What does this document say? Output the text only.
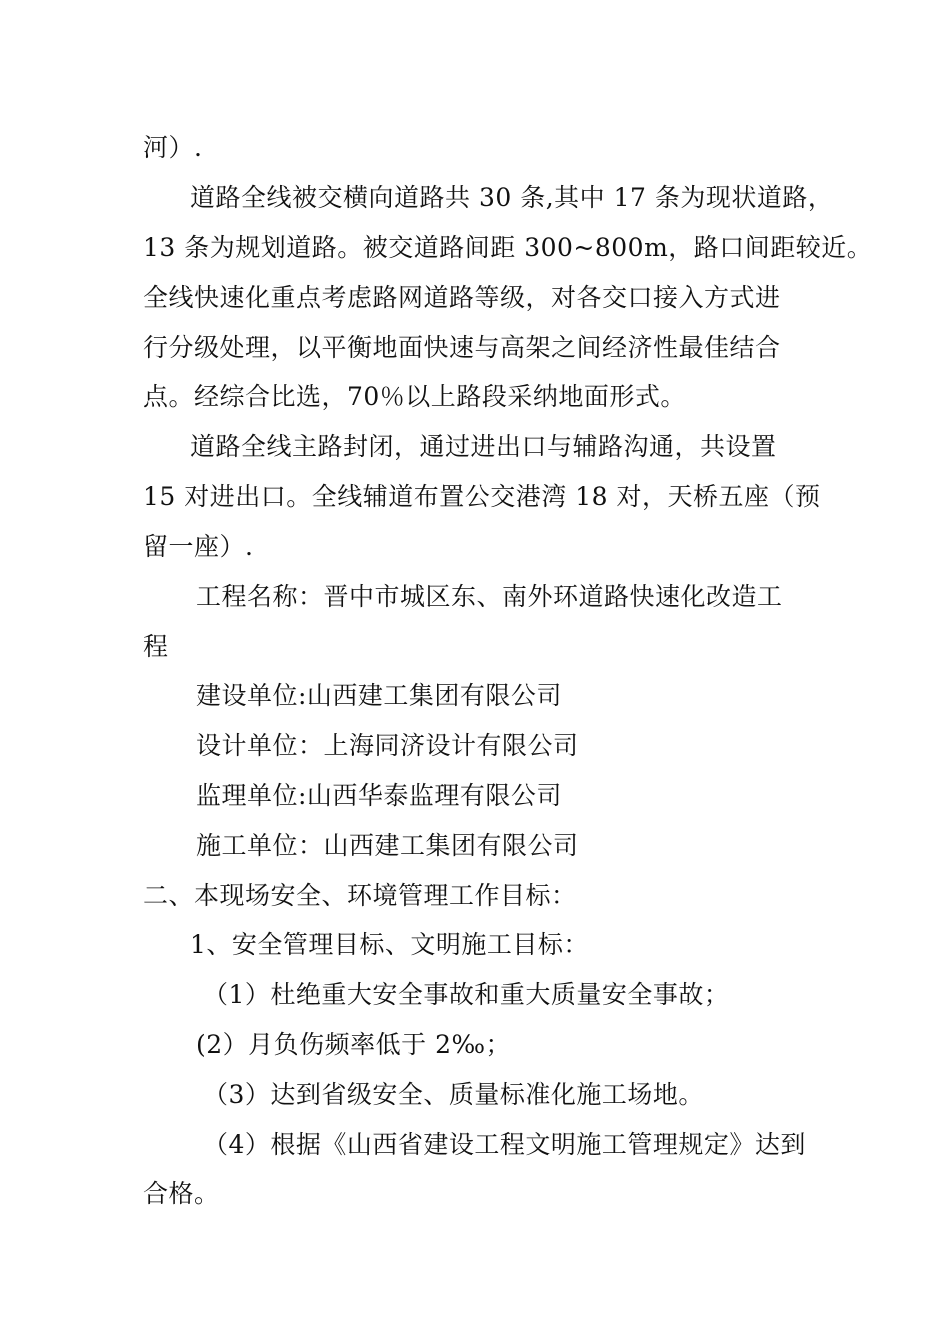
河）.
道路全线被交横向道路共 30 条,其中 17 条为现状道路，
13 条为规划道路。被交道路间距 300~800m，路口间距较近。
全线快速化重点考虑路网道路等级，对各交口接入方式进
行分级处理，以平衡地面快速与高架之间经济性最佳结合
点。经综合比选，70％以上路段采纳地面形式。
道路全线主路封闭，通过进出口与辅路沟通，共设置
15 对进出口。全线辅道布置公交港湾 18 对，天桥五座（预
留一座）.
工程名称：晋中市城区东、南外环道路快速化改造工
程
建设单位:山西建工集团有限公司
设计单位：上海同济设计有限公司
监理单位:山西华泰监理有限公司
施工单位：山西建工集团有限公司
二、本现场安全、环境管理工作目标：
1、安全管理目标、文明施工目标：
（1）杜绝重大安全事故和重大质量安全事故；
(2）月负伤频率低于 2‰；
（3）达到省级安全、质量标准化施工场地。
（4）根据《山西省建设工程文明施工管理规定》达到
合格。
